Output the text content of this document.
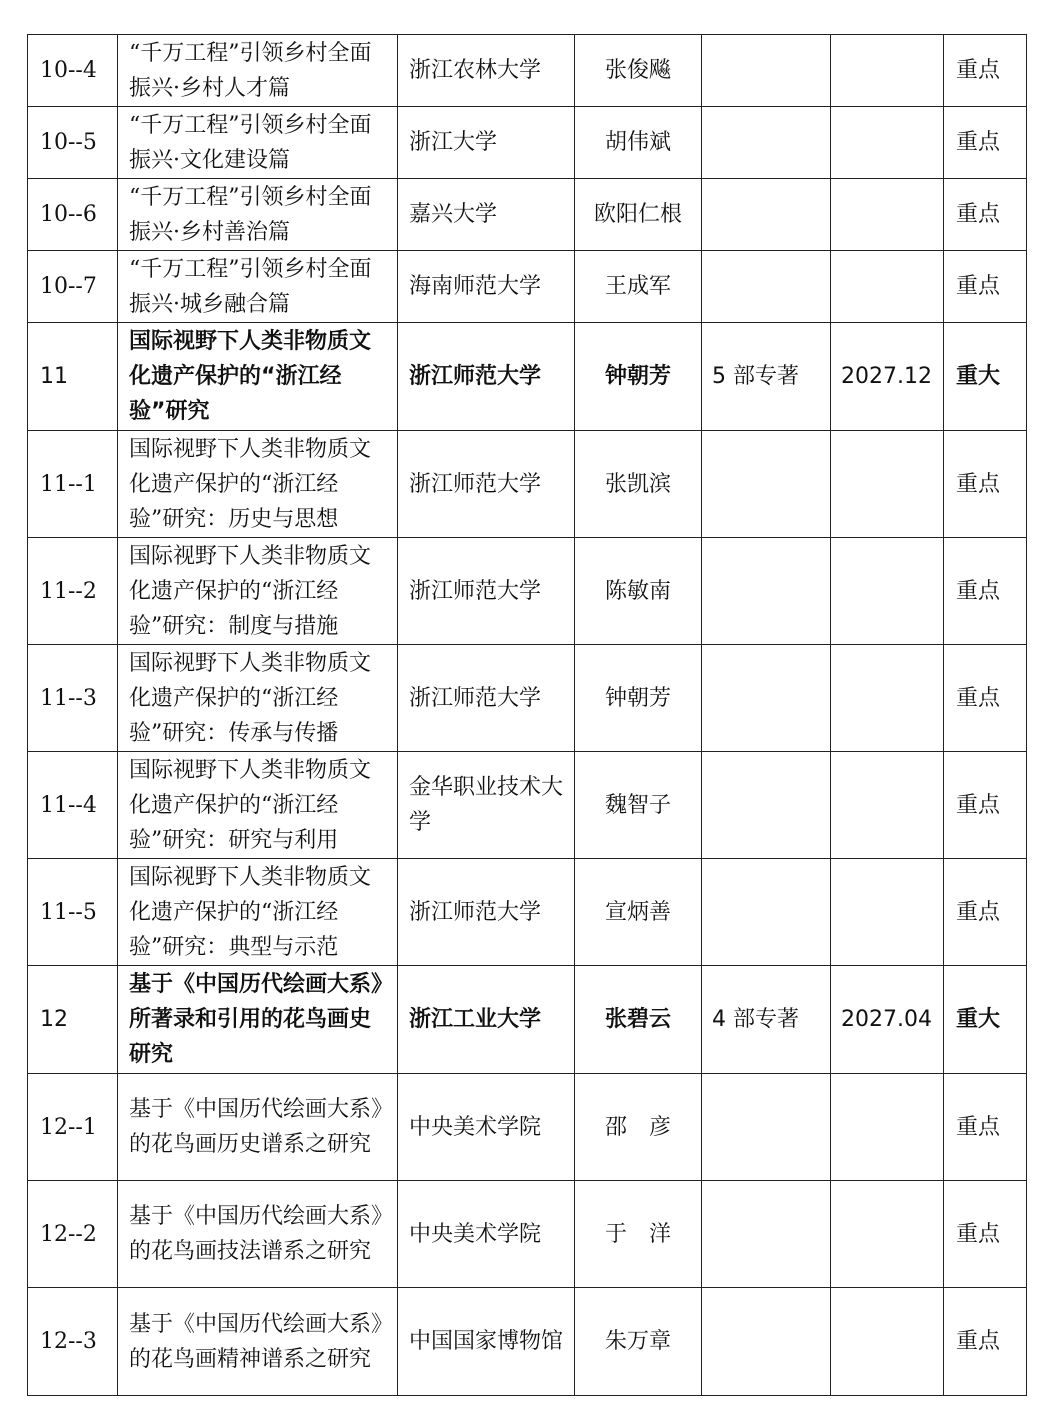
10--4	“千万工程”引领乡村全面振兴·乡村人才篇	浙江农林大学	张俊飚			重点
10--5	“千万工程”引领乡村全面振兴·文化建设篇	浙江大学	胡伟斌			重点
10--6	“千万工程”引领乡村全面振兴·乡村善治篇	嘉兴大学	欧阳仁根			重点
10--7	“千万工程”引领乡村全面振兴·城乡融合篇	海南师范大学	王成军			重点
11	国际视野下人类非物质文化遗产保护的“浙江经验”研究	浙江师范大学	钟朝芳	5 部专著	2027.12	重大
11--1	国际视野下人类非物质文化遗产保护的“浙江经验”研究：历史与思想	浙江师范大学	张凯滨			重点
11--2	国际视野下人类非物质文化遗产保护的“浙江经验”研究：制度与措施	浙江师范大学	陈敏南			重点
11--3	国际视野下人类非物质文化遗产保护的“浙江经验”研究：传承与传播	浙江师范大学	钟朝芳			重点
11--4	国际视野下人类非物质文化遗产保护的“浙江经验”研究：研究与利用	金华职业技术大学	魏智子			重点
11--5	国际视野下人类非物质文化遗产保护的“浙江经验”研究：典型与示范	浙江师范大学	宣炳善			重点
12	基于《中国历代绘画大系》所著录和引用的花鸟画史研究	浙江工业大学	张碧云	4 部专著	2027.04	重大
12--1	基于《中国历代绘画大系》的花鸟画历史谱系之研究	中央美术学院	邵　彦			重点
12--2	基于《中国历代绘画大系》的花鸟画技法谱系之研究	中央美术学院	于　洋			重点
12--3	基于《中国历代绘画大系》的花鸟画精神谱系之研究	中国国家博物馆	朱万章			重点
